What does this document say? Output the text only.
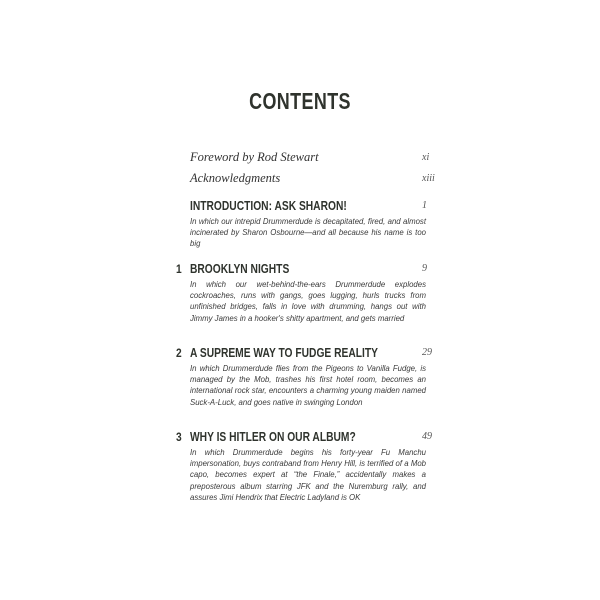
CONTENTS
Foreword by Rod Stewart	xi
Acknowledgments	xiii
INTRODUCTION: ASK SHARON!
In which our intrepid Drummerdude is decapitated, fired, and almost incinerated by Sharon Osbourne—and all because his name is too big
1
1 BROOKLYN NIGHTS
In which our wet-behind-the-ears Drummerdude explodes cockroaches, runs with gangs, goes lugging, hurls trucks from unfinished bridges, falls in love with drumming, hangs out with Jimmy James in a hooker's shitty apartment, and gets married
9
2 A SUPREME WAY TO FUDGE REALITY
In which Drummerdude flies from the Pigeons to Vanilla Fudge, is managed by the Mob, trashes his first hotel room, becomes an international rock star, encounters a charming young maiden named Suck-A-Luck, and goes native in swinging London
29
3 WHY IS HITLER ON OUR ALBUM?
In which Drummerdude begins his forty-year Fu Manchu impersonation, buys contraband from Henry Hill, is terrified of a Mob capo, becomes expert at “the Finale,” accidentally makes a preposterous album starring JFK and the Nuremburg rally, and assures Jimi Hendrix that Electric Ladyland is OK
49
